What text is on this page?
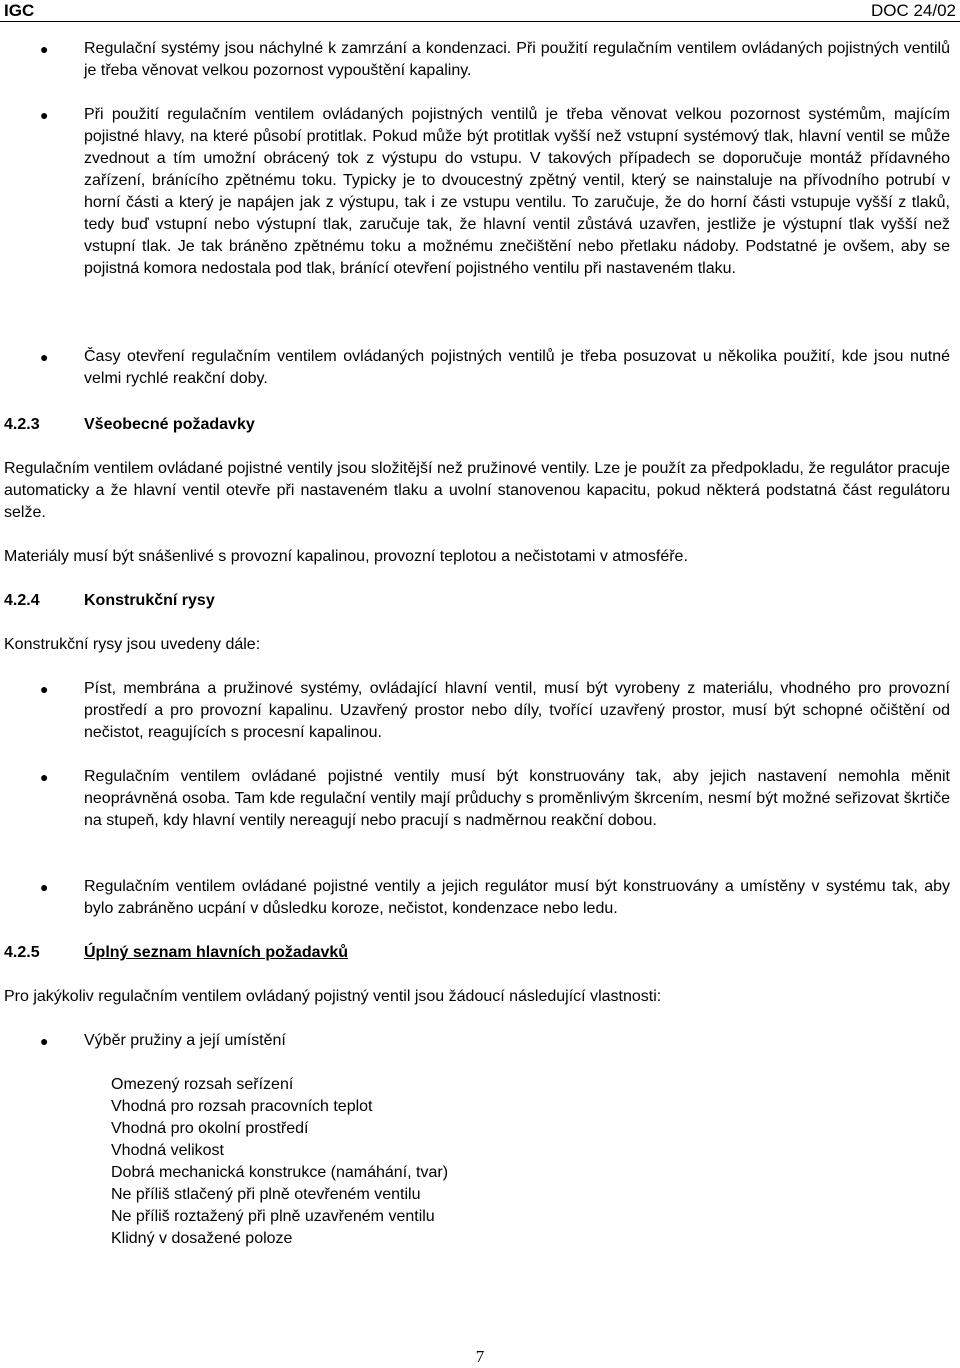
IGC	DOC 24/02
● Regulační systémy jsou náchylné k zamrzání a kondenzaci. Při použití regulačním ventilem ovládaných pojistných ventilů je třeba věnovat velkou pozornost vypouštění kapaliny.

● Při použití regulačním ventilem ovládaných pojistných ventilů je třeba věnovat velkou pozornost systémům, majícím pojistné hlavy, na které působí protitlak. Pokud může být protitlak vyšší než vstupní systémový tlak, hlavní ventil se může zvednout a tím umožní obrácený tok z výstupu do vstupu. V takových případech se doporučuje montáž přídavného zařízení, bránícího zpětnému toku. Typicky je to dvoucestný zpětný ventil, který se nainstaluje na přívodního potrubí v horní části a který je napájen jak z výstupu, tak i ze vstupu ventilu. To zaručuje, že do horní části vstupuje vyšší z tlaků, tedy buď vstupní nebo výstupní tlak, zaručuje tak, že hlavní ventil zůstává uzavřen, jestliže je výstupní tlak vyšší než vstupní tlak. Je tak bráněno zpětnému toku a možnému znečištění nebo přetlaku nádoby. Podstatné je ovšem, aby se pojistná komora nedostala pod tlak, bránící otevření pojistného ventilu při nastaveném tlaku.

● Časy otevření regulačním ventilem ovládaných pojistných ventilů je třeba posuzovat u několika použití, kde jsou nutné velmi rychlé reakční doby.

4.2.3	Všeobecné požadavky

Regulačním ventilem ovládané pojistné ventily jsou složitější než pružinové ventily. Lze je použít za předpokladu, že regulátor pracuje automaticky a že hlavní ventil otevře při nastaveném tlaku a uvolní stanovenou kapacitu, pokud některá podstatná část regulátoru selže.

Materiály musí být snášenlivé s provozní kapalinou, provozní teplotou a nečistotami v atmosféře.

4.2.4	Konstrukční rysy

Konstrukční rysy jsou uvedeny dále:

● Píst, membrána a pružinové systémy, ovládající hlavní ventil, musí být vyrobeny z materiálu, vhodného pro provozní prostředí a pro provozní kapalinu. Uzavřený prostor nebo díly, tvořící uzavřený prostor, musí být schopné očištění od nečistot, reagujících s procesní kapalinou.

● Regulačním ventilem ovládané pojistné ventily musí být konstruovány tak, aby jejich nastavení nemohla měnit neoprávněná osoba. Tam kde regulační ventily mají průduchy s proměnlivým škrcením, nesmí být možné seřizovat škrtiče na stupeň, kdy hlavní ventily nereagují nebo pracují s nadměrnou reakční dobou.

● Regulačním ventilem ovládané pojistné ventily a jejich regulátor musí být konstruovány a umístěny v systému tak, aby bylo zabráněno ucpání v důsledku koroze, nečistot, kondenzace nebo ledu.

4.2.5	Úplný seznam hlavních požadavků

Pro jakýkoliv regulačním ventilem ovládaný pojistný ventil jsou žádoucí následující vlastnosti:

● Výběr pružiny a její umístění

Omezený rozsah seřízení
Vhodná pro rozsah pracovních teplot
Vhodná pro okolní prostředí
Vhodná velikost
Dobrá mechanická konstrukce (namáhání, tvar)
Ne příliš stlačený při plně otevřeném ventilu
Ne příliš roztažený při plně uzavřeném ventilu
Klidný v dosažené poloze
7
